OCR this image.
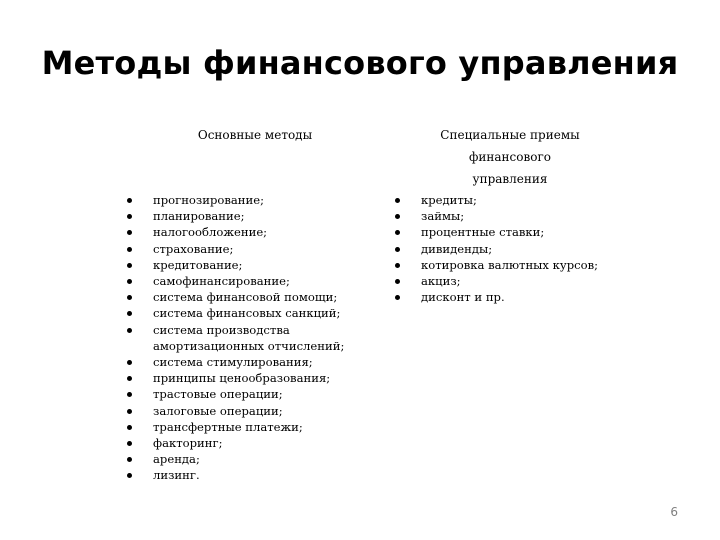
Методы финансового управления
Основные методы	Специальные приемы финансового
управления
прогнозирование;
планирование;
налогообложение;
страхование;
кредитование;
самофинансирование;
система финансовой помощи;
система финансовых санкций;
система производства
амортизационных отчислений;
система стимулирования;
принципы ценообразования;
трастовые операции;
залоговые операции;
трансфертные платежи;
факторинг;
аренда;
лизинг.
кредиты;
займы;
процентные ставки;
дивиденды;
котировка валютных курсов;
акциз;
дисконт и пр.
6
